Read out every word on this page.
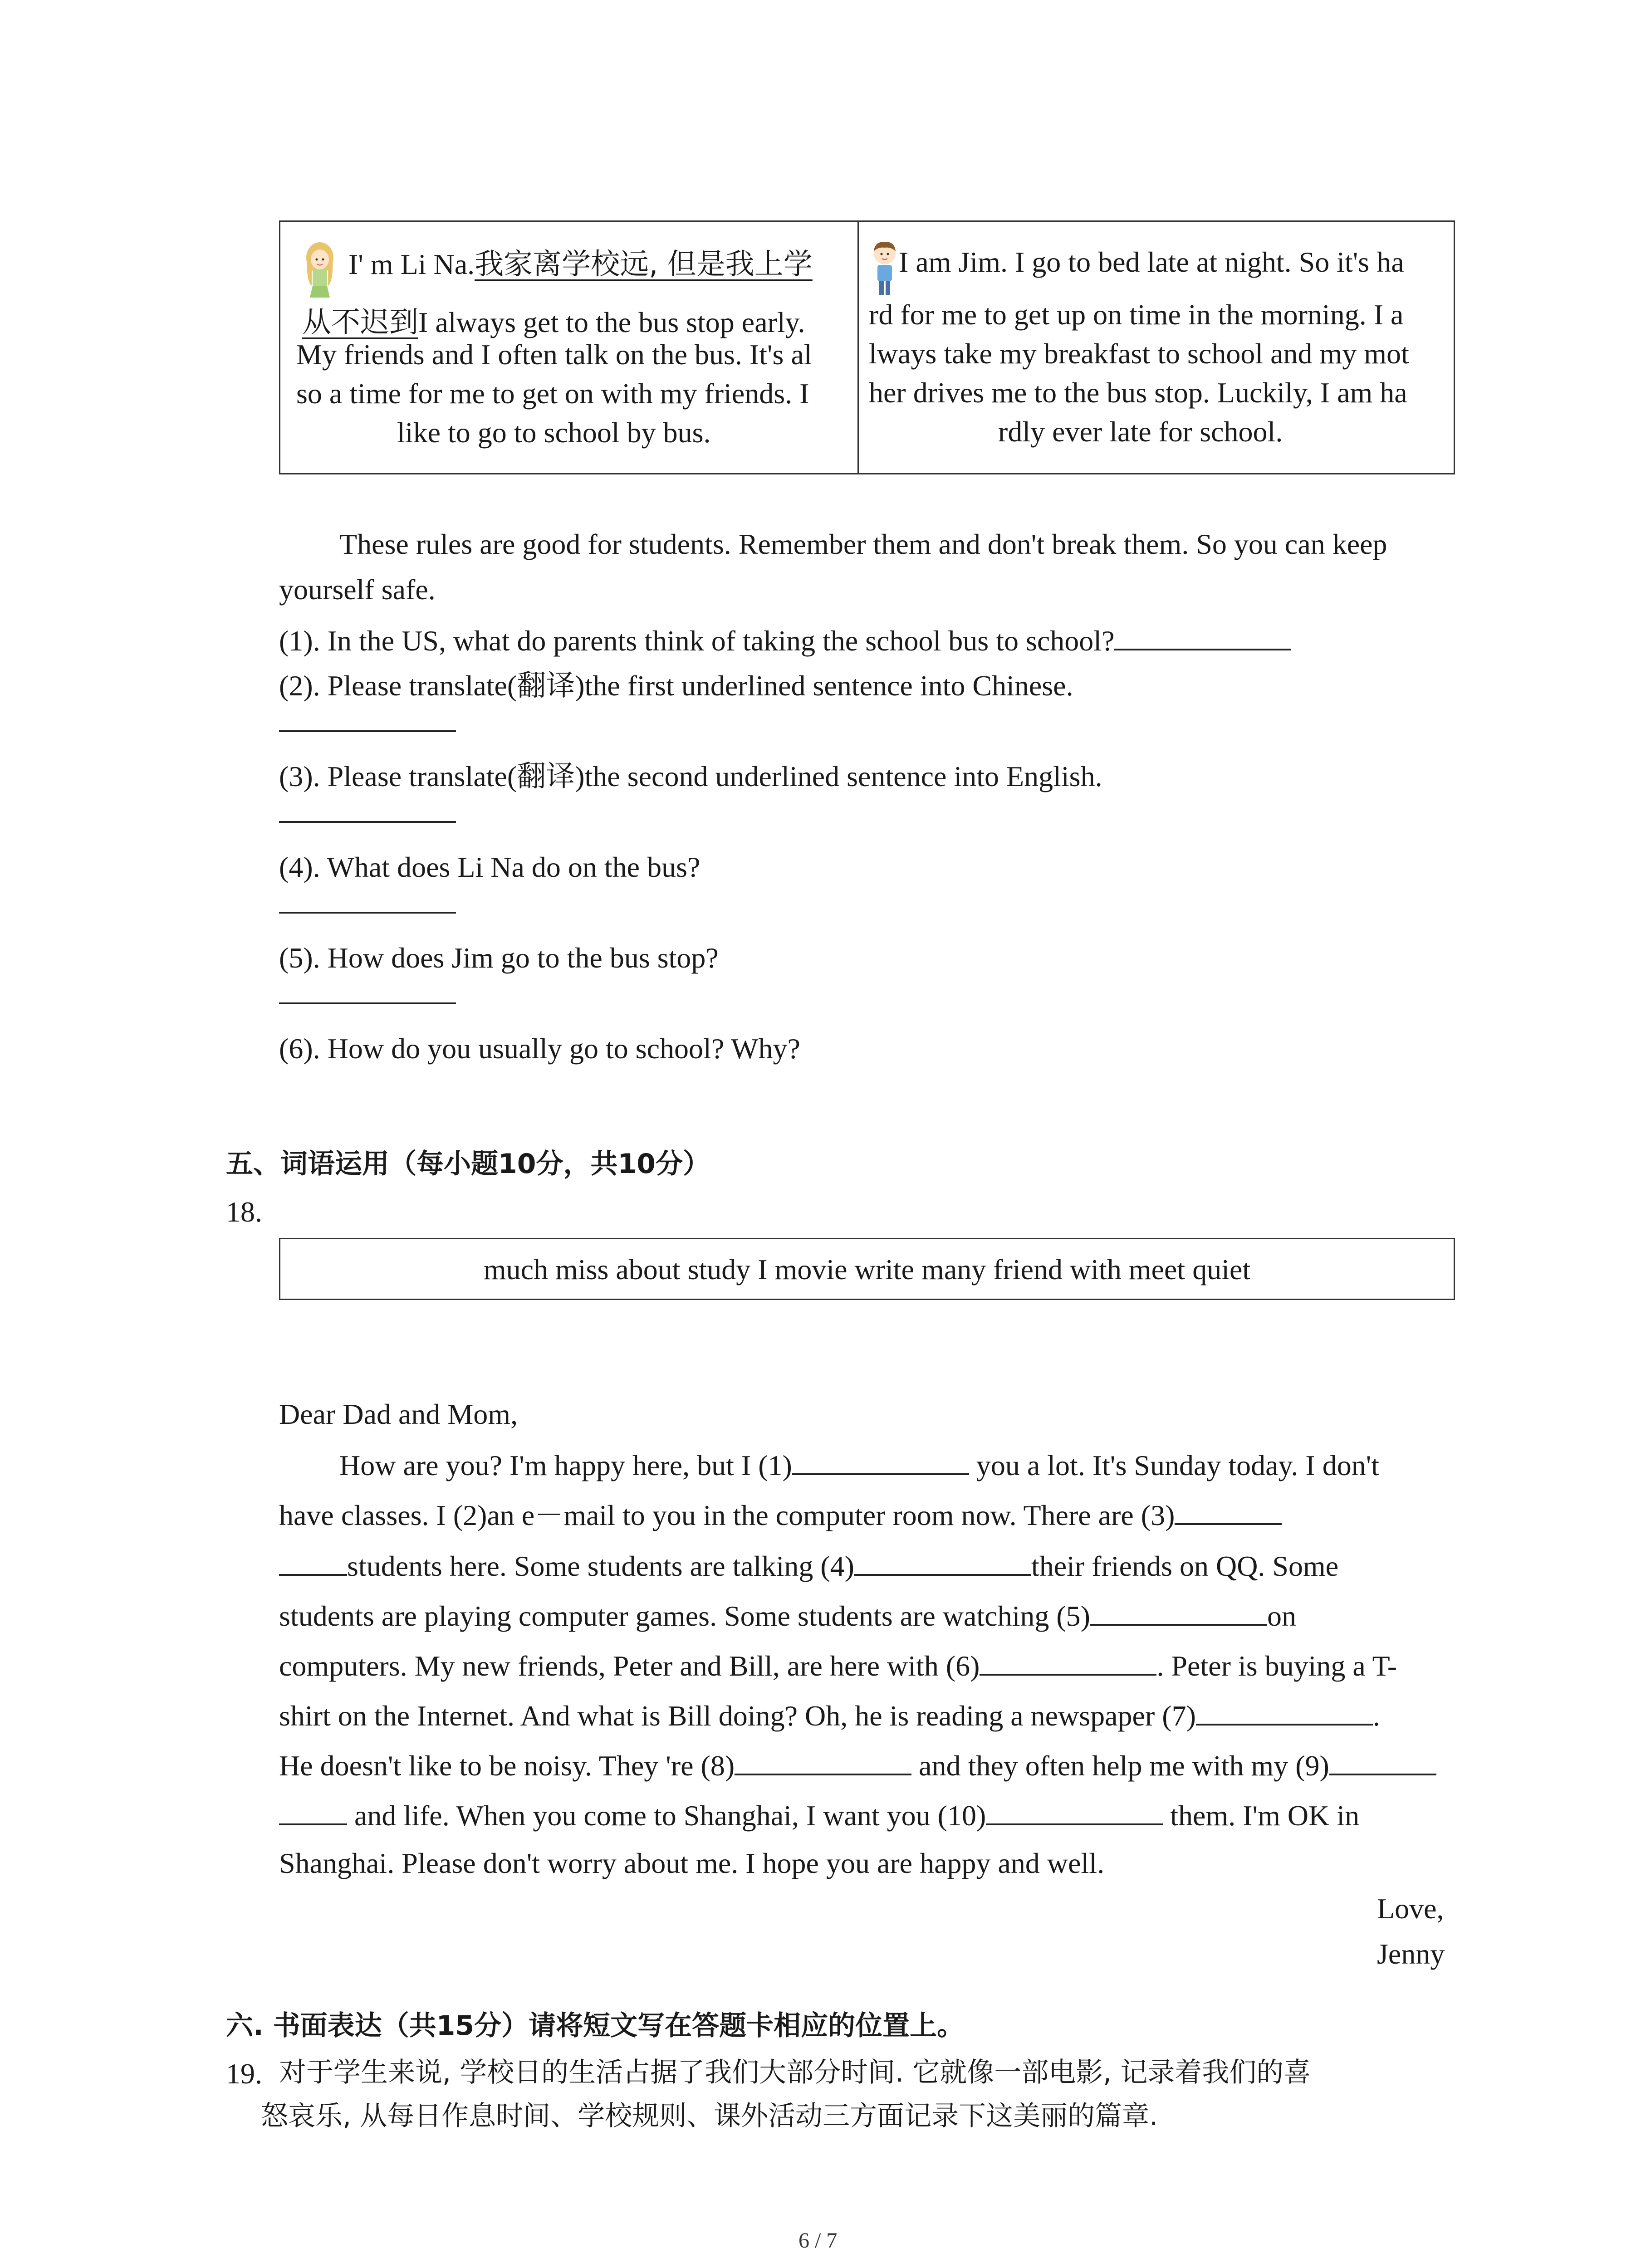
I' m Li Na.我家离学校远, 但是我上学
从不迟到I always get to the bus stop early.
My friends and I often talk on the bus. It's al
so a time for me to get on with my friends. I
like to go to school by bus.
I am Jim. I go to bed late at night. So it's ha
rd for me to get up on time in the morning. I a
lways take my breakfast to school and my mot
her drives me to the bus stop. Luckily, I am ha
rdly ever late for school.
These rules are good for students. Remember them and don't break them. So you can keep
yourself safe.
(1). In the US, what do parents think of taking the school bus to school?
(2). Please translate(翻译)the first underlined sentence into Chinese.
(3). Please translate(翻译)the second underlined sentence into English.
(4). What does Li Na do on the bus?
(5). How does Jim go to the bus stop?
(6). How do you usually go to school? Why?
五、词语运用（每小题10分，共10分）
18.
much miss about study I movie write many friend with meet quiet
Dear Dad and Mom,
How are you? I'm happy here, but I (1)	you a lot. It's Sunday today. I don't
have classes. I (2)an e－mail to you in the computer room now. There are (3)
students here. Some students are talking (4)	their friends on QQ. Some
students are playing computer games. Some students are watching (5)	on
computers. My new friends, Peter and Bill, are here with (6)	. Peter is buying a T-
shirt on the Internet. And what is Bill doing? Oh, he is reading a newspaper (7)	.
He doesn't like to be noisy. They 're (8)	and they often help me with my (9)
and life. When you come to Shanghai, I want you (10)	them. I'm OK in
Shanghai. Please don't worry about me. I hope you are happy and well.
Love,
Jenny
六. 书面表达（共15分）请将短文写在答题卡相应的位置上。
19. 对于学生来说, 学校日的生活占据了我们大部分时间. 它就像一部电影, 记录着我们的喜
怒哀乐, 从每日作息时间、学校规则、课外活动三方面记录下这美丽的篇章.
6 / 7
